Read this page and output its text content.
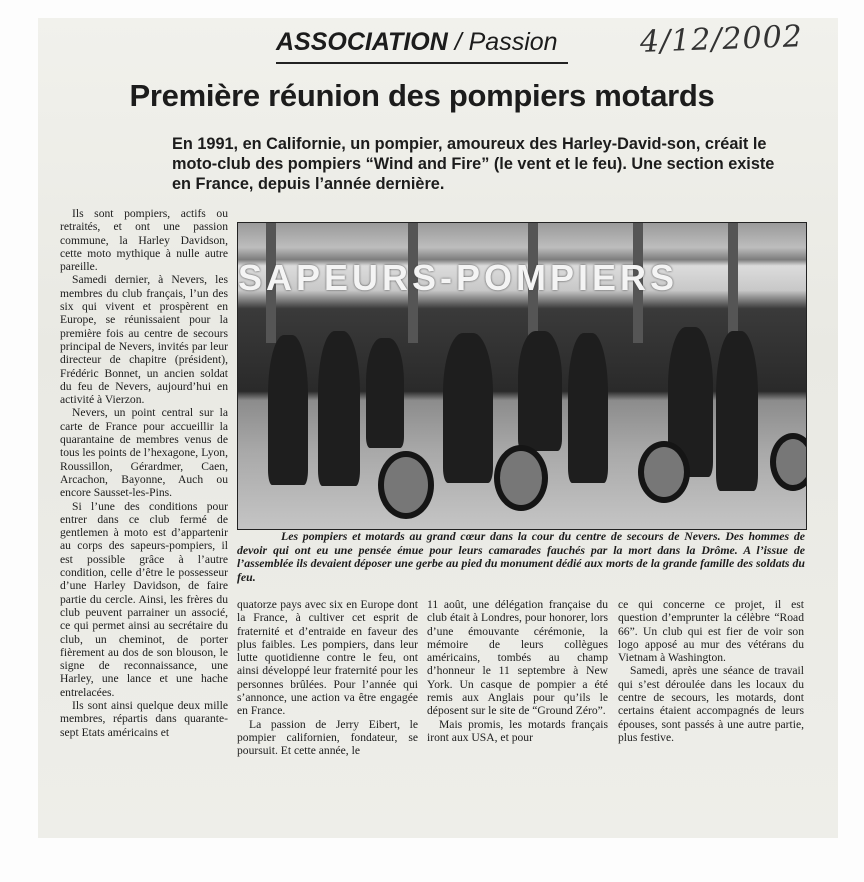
ASSOCIATION / Passion	4/12/2002
Première réunion des pompiers motards
En 1991, en Californie, un pompier, amoureux des Harley-David-son, créait le moto-club des pompiers “Wind and Fire” (le vent et le feu). Une section existe en France, depuis l’année dernière.

Ils sont pompiers, actifs ou retraités, et ont une passion commune, la Harley Davidson, cette moto mythique à nulle autre pareille.

Samedi dernier, à Nevers, les membres du club français, l’un des six qui vivent et prospèrent en Europe, se réunissaient pour la première fois au centre de secours principal de Nevers, invités par leur directeur de chapitre (président), Frédéric Bonnet, un ancien soldat du feu de Nevers, aujourd’hui en activité à Vierzon.

Nevers, un point central sur la carte de France pour accueillir la quarantaine de membres venus de tous les points de l’hexagone, Lyon, Roussillon, Gérardmer, Caen, Arcachon, Bayonne, Auch ou encore Sausset-les-Pins.

Si l’une des conditions pour entrer dans ce club fermé de gentlemen à moto est d’appartenir au corps des sapeurs-pompiers, il est possible grâce à l’autre condition, celle d’être le possesseur d’une Harley Davidson, de faire partie du cercle. Ainsi, les frères du club peuvent parrainer un associé, ce qui permet ainsi au secrétaire du club, un cheminot, de porter fièrement au dos de son blouson, le signe de reconnaissance, une Harley, une lance et une hache entrelacées.

Ils sont ainsi quelque deux mille membres, répartis dans quarante-sept Etats américains et

SAPEURS-POMPIERS
Les pompiers et motards au grand cœur dans la cour du centre de secours de Nevers. Des hommes de devoir qui ont eu une pensée émue pour leurs camarades fauchés par la mort dans la Drôme. A l’issue de l’assemblée ils devaient déposer une gerbe au pied du monument dédié aux morts de la grande famille des soldats du feu.

quatorze pays avec six en Europe dont la France, à cultiver cet esprit de fraternité et d’entraide en faveur des plus faibles. Les pompiers, dans leur lutte quotidienne contre le feu, ont ainsi développé leur fraternité pour les personnes brûlées. Pour l’année qui s’annonce, une action va être engagée en France.

La passion de Jerry Eibert, le pompier californien, fondateur, se poursuit. Et cette année, le

11 août, une délégation française du club était à Londres, pour honorer, lors d’une émouvante cérémonie, la mémoire de leurs collègues américains, tombés au champ d’honneur le 11 septembre à New York. Un casque de pompier a été remis aux Anglais pour qu’ils le déposent sur le site de “Ground Zéro”.

Mais promis, les motards français iront aux USA, et pour

ce qui concerne ce projet, il est question d’emprunter la célèbre “Road 66”. Un club qui est fier de voir son logo apposé au mur des vétérans du Vietnam à Washington.

Samedi, après une séance de travail qui s’est déroulée dans les locaux du centre de secours, les motards, dont certains étaient accompagnés de leurs épouses, sont passés à une autre partie, plus festive.
